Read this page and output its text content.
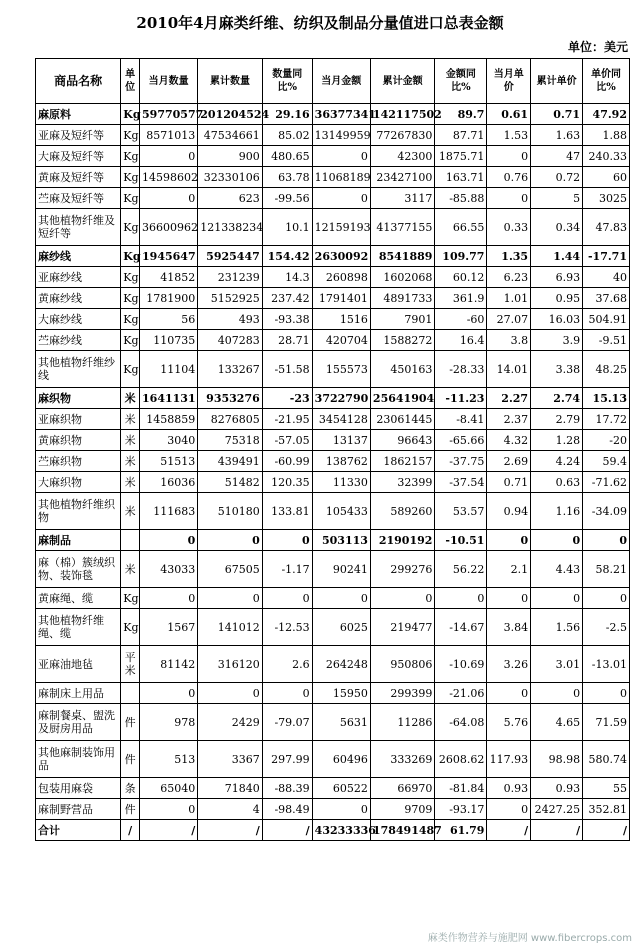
2010年4月麻类纤维、纺织及制品分量值进口总表金额
单位：美元
商品名称	单位	当月数量	累计数量	数量同比%	当月金额	累计金额	金额同比%	当月单价	累计单价	单价同比%
麻原料	Kg	59770577	201204524	29.16	36377341	142117502	89.7	0.61	0.71	47.92
亚麻及短纤等	Kg	8571013	47534661	85.02	13149959	77267830	87.71	1.53	1.63	1.88
大麻及短纤等	Kg	0	900	480.65	0	42300	1875.71	0	47	240.33
黄麻及短纤等	Kg	14598602	32330106	63.78	11068189	23427100	163.71	0.76	0.72	60
苎麻及短纤等	Kg	0	623	-99.56	0	3117	-85.88	0	5	3025
其他植物纤维及短纤等	Kg	36600962	121338234	10.1	12159193	41377155	66.55	0.33	0.34	47.83
麻纱线	Kg	1945647	5925447	154.42	2630092	8541889	109.77	1.35	1.44	-17.71
亚麻纱线	Kg	41852	231239	14.3	260898	1602068	60.12	6.23	6.93	40
黄麻纱线	Kg	1781900	5152925	237.42	1791401	4891733	361.9	1.01	0.95	37.68
大麻纱线	Kg	56	493	-93.38	1516	7901	-60	27.07	16.03	504.91
苎麻纱线	Kg	110735	407283	28.71	420704	1588272	16.4	3.8	3.9	-9.51
其他植物纤维纱线	Kg	11104	133267	-51.58	155573	450163	-28.33	14.01	3.38	48.25
麻织物	米	1641131	9353276	-23	3722790	25641904	-11.23	2.27	2.74	15.13
亚麻织物	米	1458859	8276805	-21.95	3454128	23061445	-8.41	2.37	2.79	17.72
黄麻织物	米	3040	75318	-57.05	13137	96643	-65.66	4.32	1.28	-20
苎麻织物	米	51513	439491	-60.99	138762	1862157	-37.75	2.69	4.24	59.4
大麻织物	米	16036	51482	120.35	11330	32399	-37.54	0.71	0.63	-71.62
其他植物纤维织物	米	111683	510180	133.81	105433	589260	53.57	0.94	1.16	-34.09
麻制品		0	0	0	503113	2190192	-10.51	0	0	0
麻（棉）簇绒织物、装饰毯	米	43033	67505	-1.17	90241	299276	56.22	2.1	4.43	58.21
黄麻绳、缆	Kg	0	0	0	0	0	0	0	0	0
其他植物纤维绳、缆	Kg	1567	141012	-12.53	6025	219477	-14.67	3.84	1.56	-2.5
亚麻油地毡	平米	81142	316120	2.6	264248	950806	-10.69	3.26	3.01	-13.01
麻制床上用品		0	0	0	15950	299399	-21.06	0	0	0
麻制餐桌、盥洗及厨房用品	件	978	2429	-79.07	5631	11286	-64.08	5.76	4.65	71.59
其他麻制装饰用品	件	513	3367	297.99	60496	333269	2608.62	117.93	98.98	580.74
包装用麻袋	条	65040	71840	-88.39	60522	66970	-81.84	0.93	0.93	55
麻制野营品	件	0	4	-98.49	0	9709	-93.17	0	2427.25	352.81
合计	/	/	/	/	43233336	178491487	61.79	/	/	/
麻类作物营养与施肥网 www.fibercrops.com
